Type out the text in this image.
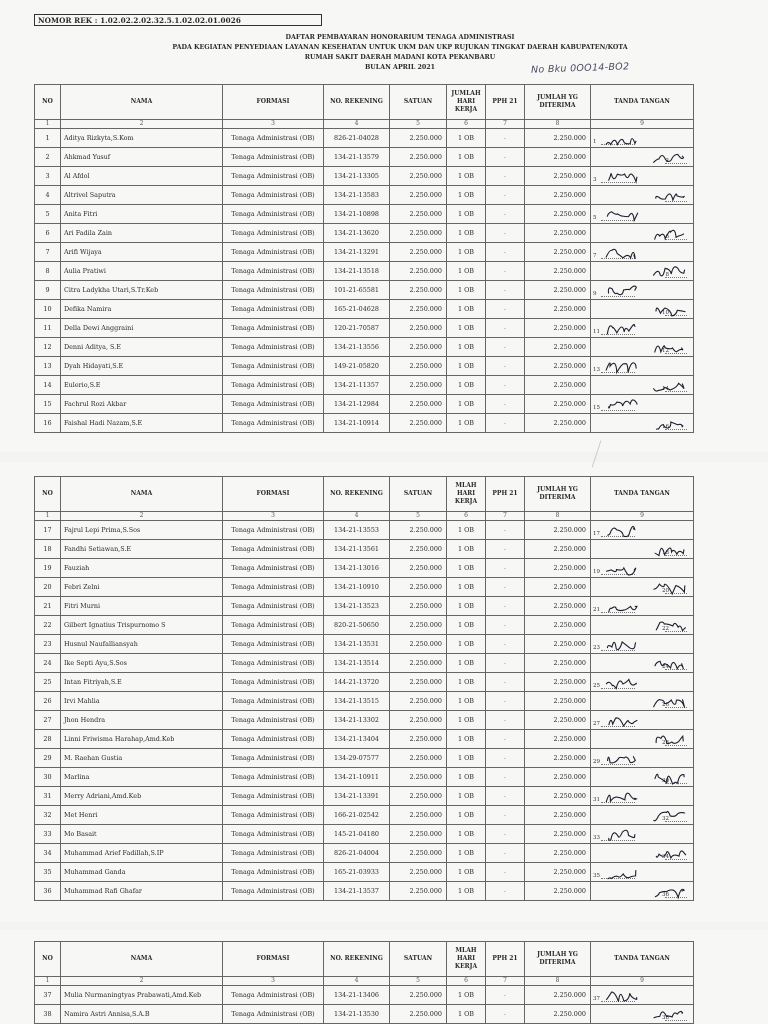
NOMOR REK : 1.02.02.2.02.32.5.1.02.02.01.0026
DAFTAR PEMBAYARAN HONORARIUM TENAGA ADMINISTRASI
PADA KEGIATAN PENYEDIAAN LAYANAN KESEHATAN UNTUK UKM DAN UKP RUJUKAN TINGKAT DAERAH KABUPATEN/KOTA
RUMAH SAKIT DAERAH MADANI KOTA PEKANBARU
BULAN APRIL 2021	No Bku 0OO14-BO2
NO	NAMA	FORMASI	NO. REKENING	SATUAN	JUMLAH HARI KERJA	PPH 21	JUMLAH YG DITERIMA	TANDA TANGAN
1	2	3	4	5	6	7	8	9
1	Aditya Rizkyta,S.Kom	Tenaga Administrasi (OB)	826-21-04028	2.250.000	1 OB	-	2.250.000	1

2	Ahkmad Yusuf	Tenaga Administrasi (OB)	134-21-13579	2.250.000	1 OB	-	2.250.000	2

3	Al Afdol	Tenaga Administrasi (OB)	134-21-13305	2.250.000	1 OB	-	2.250.000	3

4	Altrivel Saputra	Tenaga Administrasi (OB)	134-21-13583	2.250.000	1 OB	-	2.250.000	

5	Anita Fitri	Tenaga Administrasi (OB)	134-21-10898	2.250.000	1 OB	-	2.250.000	5

6	Ari Fadila Zain	Tenaga Administrasi (OB)	134-21-13620	2.250.000	1 OB	-	2.250.000	6

7	Arifi Wijaya	Tenaga Administrasi (OB)	134-21-13291	2.250.000	1 OB	-	2.250.000	7

8	Aulia Pratiwi	Tenaga Administrasi (OB)	134-21-13518	2.250.000	1 OB	-	2.250.000	8

9	Citra Ladykha Utari,S.Tr.Keb	Tenaga Administrasi (OB)	101-21-65581	2.250.000	1 OB	-	2.250.000	9

10	Defika Namira	Tenaga Administrasi (OB)	165-21-04628	2.250.000	1 OB	-	2.250.000	10

11	Della Dewi Anggraini	Tenaga Administrasi (OB)	120-21-70587	2.250.000	1 OB	-	2.250.000	11

12	Denni Aditya, S.E	Tenaga Administrasi (OB)	134-21-13556	2.250.000	1 OB	-	2.250.000	12

13	Dyah Hidayati,S.E	Tenaga Administrasi (OB)	149-21-05820	2.250.000	1 OB	-	2.250.000	13

14	Eulerio,S.E	Tenaga Administrasi (OB)	134-21-11357	2.250.000	1 OB	-	2.250.000	14

15	Fachrul Rozi Akbar	Tenaga Administrasi (OB)	134-21-12984	2.250.000	1 OB	-	2.250.000	15

16	Faishal Hadi Nazam,S.E	Tenaga Administrasi (OB)	134-21-10914	2.250.000	1 OB	-	2.250.000	16
NO	NAMA	FORMASI	NO. REKENING	SATUAN	MLAH HARI KERJA	PPH 21	JUMLAH YG DITERIMA	TANDA TANGAN
1	2	3	4	5	6	7	8	9
17	Fajrul Lepi Prima,S.Sos	Tenaga Administrasi (OB)	134-21-13553	2.250.000	1 OB	-	2.250.000	17

18	Fandhi Setiawan,S.E	Tenaga Administrasi (OB)	134-21-13561	2.250.000	1 OB	-	2.250.000	18

19	Fauziah	Tenaga Administrasi (OB)	134-21-13016	2.250.000	1 OB	-	2.250.000	19

20	Febri Zelni	Tenaga Administrasi (OB)	134-21-10910	2.250.000	1 OB	-	2.250.000	20

21	Fitri Murni	Tenaga Administrasi (OB)	134-21-13523	2.250.000	1 OB	-	2.250.000	21

22	Gilbert Ignatius Trispurnomo S	Tenaga Administrasi (OB)	820-21-50650	2.250.000	1 OB	-	2.250.000	22

23	Husnul Naufalliansyah	Tenaga Administrasi (OB)	134-21-13531	2.250.000	1 OB	-	2.250.000	23

24	Ike Septi Ayu,S.Sos	Tenaga Administrasi (OB)	134-21-13514	2.250.000	1 OB	-	2.250.000	24

25	Intan Fitriyah,S.E	Tenaga Administrasi (OB)	144-21-13720	2.250.000	1 OB	-	2.250.000	25

26	Irvi Mahlia	Tenaga Administrasi (OB)	134-21-13515	2.250.000	1 OB	-	2.250.000	26

27	Jhon Hendra	Tenaga Administrasi (OB)	134-21-13302	2.250.000	1 OB	-	2.250.000	27

28	Linni Friwisma Harahap,Amd.Keb	Tenaga Administrasi (OB)	134-21-13404	2.250.000	1 OB	-	2.250.000	28

29	M. Raehan Gustia	Tenaga Administrasi (OB)	134-29-07577	2.250.000	1 OB	-	2.250.000	29

30	Marlina	Tenaga Administrasi (OB)	134-21-10911	2.250.000	1 OB	-	2.250.000	30

31	Merry Adriani,Amd.Keb	Tenaga Administrasi (OB)	134-21-13391	2.250.000	1 OB	-	2.250.000	31

32	Met Henri	Tenaga Administrasi (OB)	166-21-02542	2.250.000	1 OB	-	2.250.000	32

33	Mo Basait	Tenaga Administrasi (OB)	145-21-04180	2.250.000	1 OB	-	2.250.000	33

34	Muhammad Arief Fadillah,S.IP	Tenaga Administrasi (OB)	826-21-04004	2.250.000	1 OB	-	2.250.000	34

35	Muhammad Ganda	Tenaga Administrasi (OB)	165-21-03933	2.250.000	1 OB	-	2.250.000	35

36	Muhammad Rafi Ghafar	Tenaga Administrasi (OB)	134-21-13537	2.250.000	1 OB	-	2.250.000	36
NO	NAMA	FORMASI	NO. REKENING	SATUAN	MLAH HARI KERJA	PPH 21	JUMLAH YG DITERIMA	TANDA TANGAN
1	2	3	4	5	6	7	8	9
37	Mulia Nurmaningtyas Prabawati,Amd.Keb	Tenaga Administrasi (OB)	134-21-13406	2.250.000	1 OB	-	2.250.000	37

38	Namira Astri Annisa,S.A.B	Tenaga Administrasi (OB)	134-21-13530	2.250.000	1 OB	-	2.250.000	38
